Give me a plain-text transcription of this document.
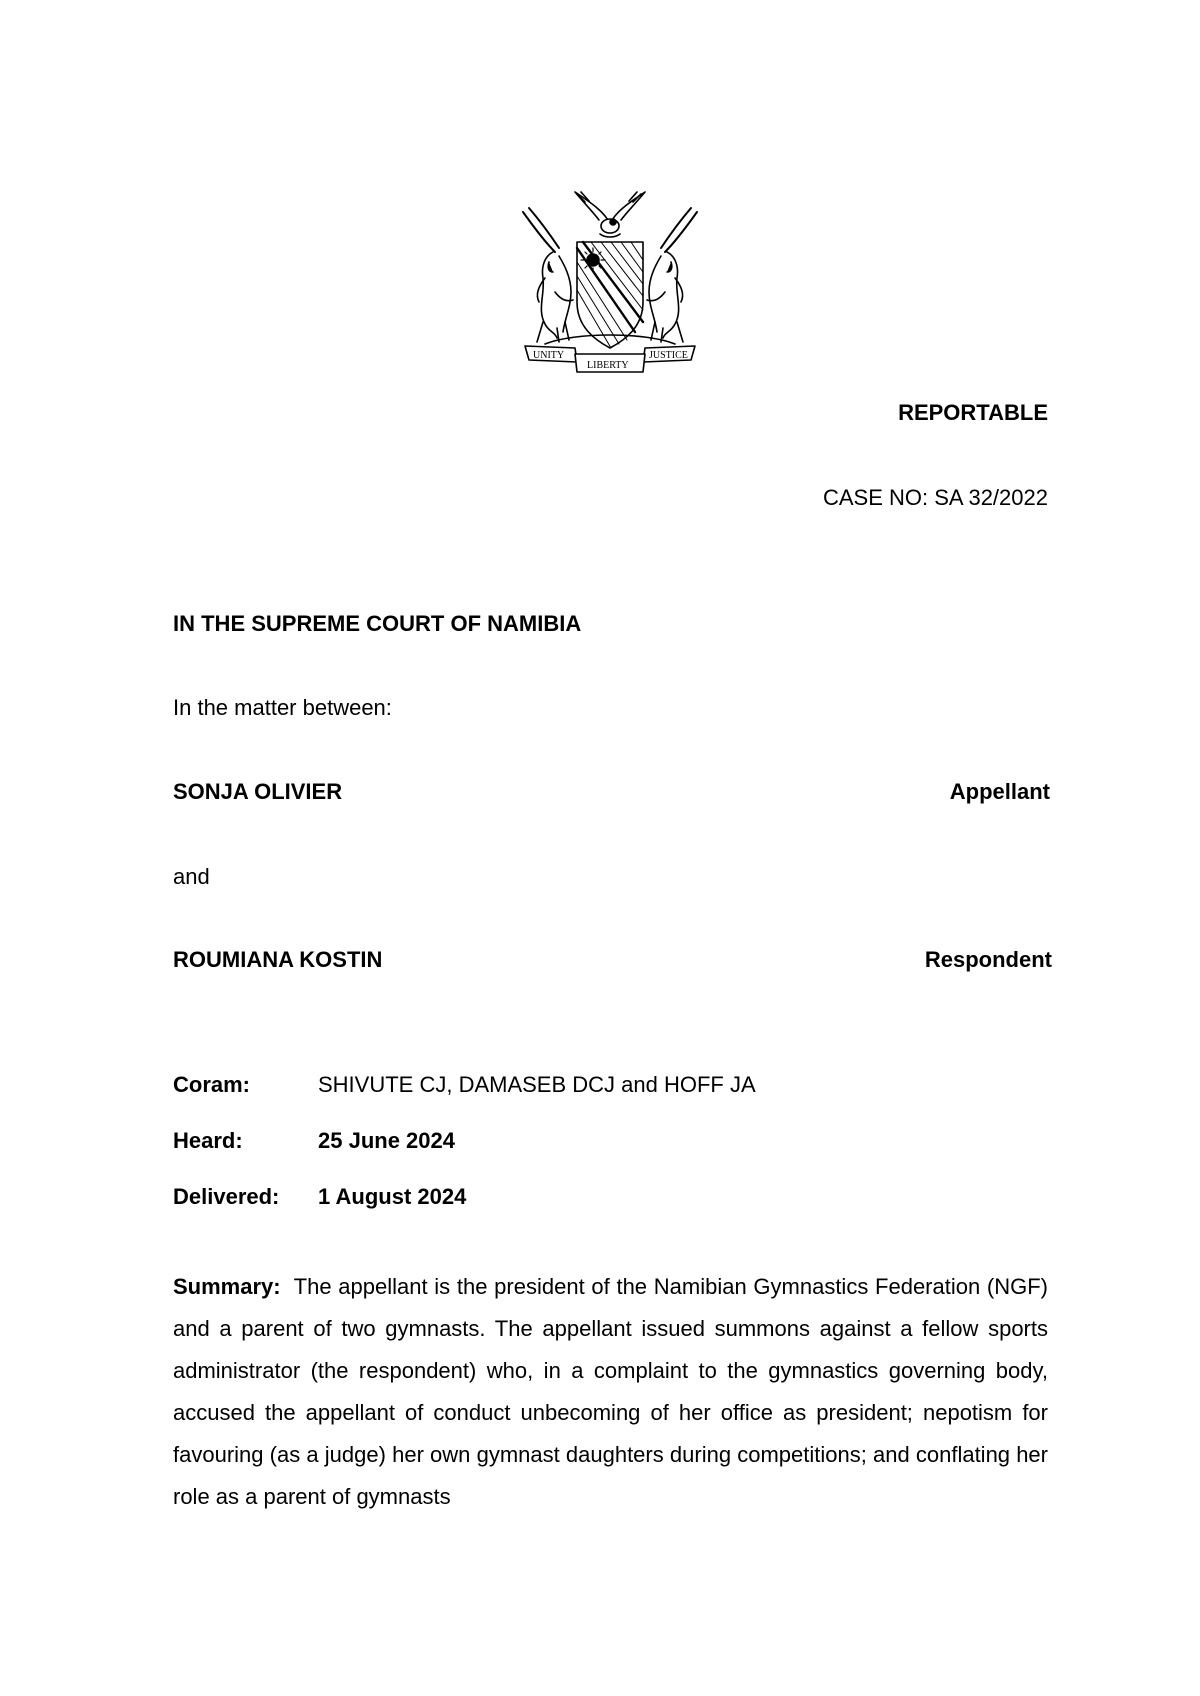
UNITY
LIBERTY
JUSTICE
REPORTABLE
CASE NO: SA 32/2022
IN THE SUPREME COURT OF NAMIBIA
In the matter between:
SONJA OLIVIER	Appellant
and
ROUMIANA KOSTIN	Respondent
Coram:	SHIVUTE CJ, DAMASEB DCJ and HOFF JA
Heard:	25 June 2024
Delivered: 1 August 2024
Summary: The appellant is the president of the Namibian Gymnastics Federation (NGF) and a parent of two gymnasts. The appellant issued summons against a fellow sports administrator (the respondent) who, in a complaint to the gymnastics governing body, accused the appellant of conduct unbecoming of her office as president; nepotism for favouring (as a judge) her own gymnast daughters during competitions; and conflating her role as a parent of gymnasts
